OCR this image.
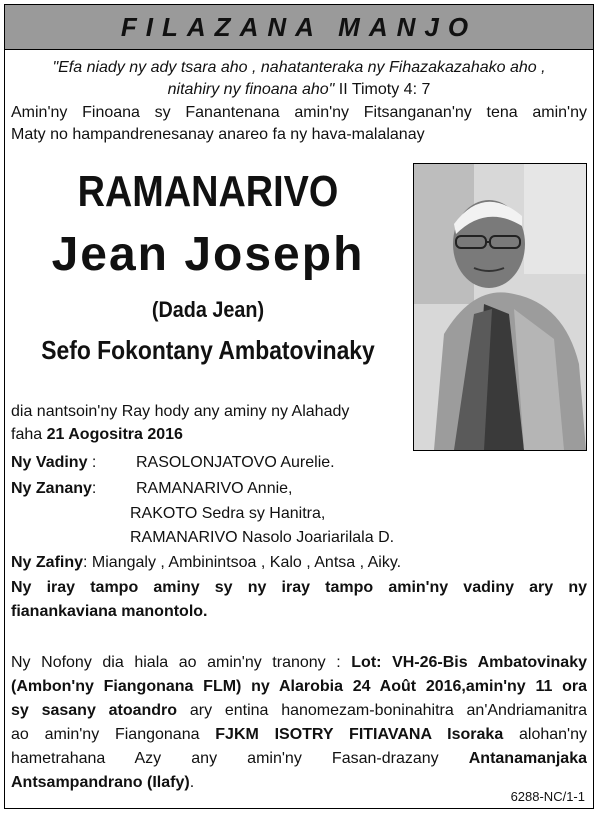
FILAZANA MANJO
"Efa niady ny ady tsara aho , nahatanteraka ny Fihazakazahako aho ,
nitahiry ny finoana aho" II Timoty 4: 7
Amin'ny Finoana sy Fanantenana amin'ny Fitsanganan'ny tena amin'ny
Maty no hampandrenesanay anareo fa ny hava-malalanay
RAMANARIVO
Jean Joseph
(Dada Jean)
Sefo Fokontany Ambatovinaky
dia nantsoin'ny Ray hody any aminy ny Alahady
faha 21 Aogositra 2016
Ny Vadiny : RASOLONJATOVO Aurelie.
Ny Zanany: RAMANARIVO Annie,
RAKOTO Sedra sy Hanitra,
RAMANARIVO Nasolo Joariarilala D.
Ny Zafiny: Miangaly , Ambinintsoa , Kalo , Antsa , Aiky.
Ny iray tampo aminy sy ny iray tampo amin'ny vadiny ary ny
fianankaviana manontolo.
Ny Nofony dia hiala ao amin'ny tranony : Lot: VH-26-Bis Ambatovinaky
(Ambon'ny Fiangonana FLM) ny Alarobia 24 Août 2016,amin'ny 11 ora
sy sasany atoandro ary entina hanomezam-boninahitra an'Andriamanitra
ao amin'ny Fiangonana FJKM ISOTRY FITIAVANA Isoraka alohan'ny
hametrahana Azy any amin'ny Fasan-drazany Antanamanjaka
Antsampandrano (Ilafy).
6288-NC/1-1
